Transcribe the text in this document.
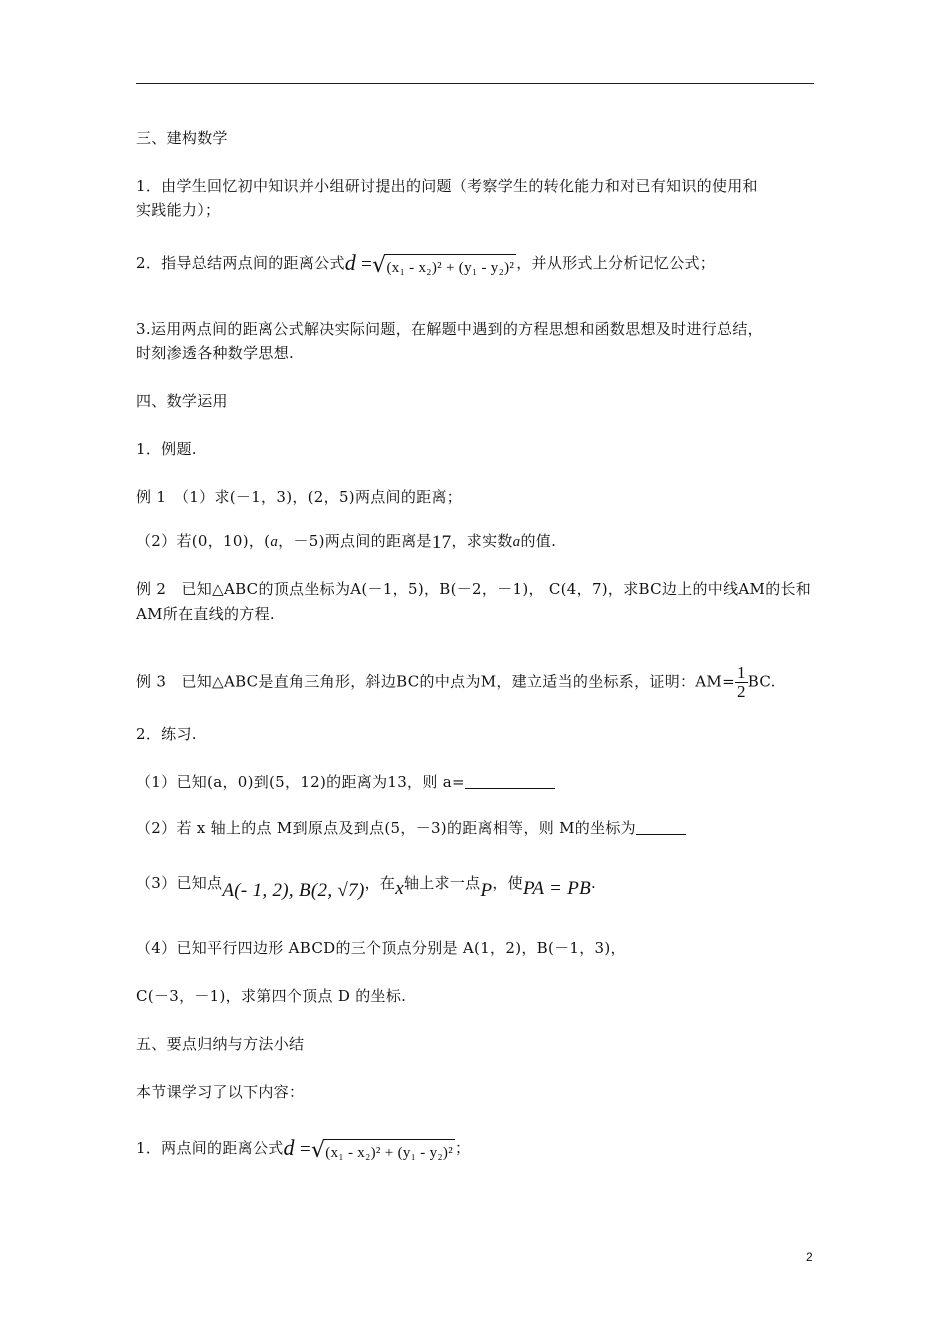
三、建构数学
1．由学生回忆初中知识并小组研讨提出的问题（考察学生的转化能力和对已有知识的使用和
实践能力）；
2．指导总结两点间的距离公式d =√(x₁ - x₂)² + (y₁ - y₂)² ，并从形式上分析记忆公式；
3.运用两点间的距离公式解决实际问题，在解题中遇到的方程思想和函数思想及时进行总结，
时刻渗透各种数学思想.
四、数学运用
1．例题.
例 1　（1）求(－1，3)，(2，5)两点间的距离；
（2）若(0，10)，(a，－5)两点间的距离是17，求实数a的值.
例 2　已知△ABC的顶点坐标为A(－1，5)，B(－2，－1)， C(4，7)，求BC边上的中线AM的长和
AM所在直线的方程.
例 3　已知△ABC是直角三角形，斜边BC的中点为M，建立适当的坐标系，证明：$AM= \frac{1}{2}$ BC.
2．练习.
（1）已知(a，0)到(5，12)的距离为13，则 a=
（2）若 x 轴上的点 M到原点及到点(5，－3)的距离相等，则 M的坐标为
（3）已知点A(- 1, 2), B(2, √7)，在x轴上求一点P，使PA = PB.
（4）已知平行四边形 ABCD的三个顶点分别是 A(1，2)，B(－1，3)，
C(－3，－1)，求第四个顶点 D 的坐标.
五、要点归纳与方法小结
本节课学习了以下内容：
1．两点间的距离公式d =√(x₁ - x₂)² + (y₁ - y₂)² ；
2
